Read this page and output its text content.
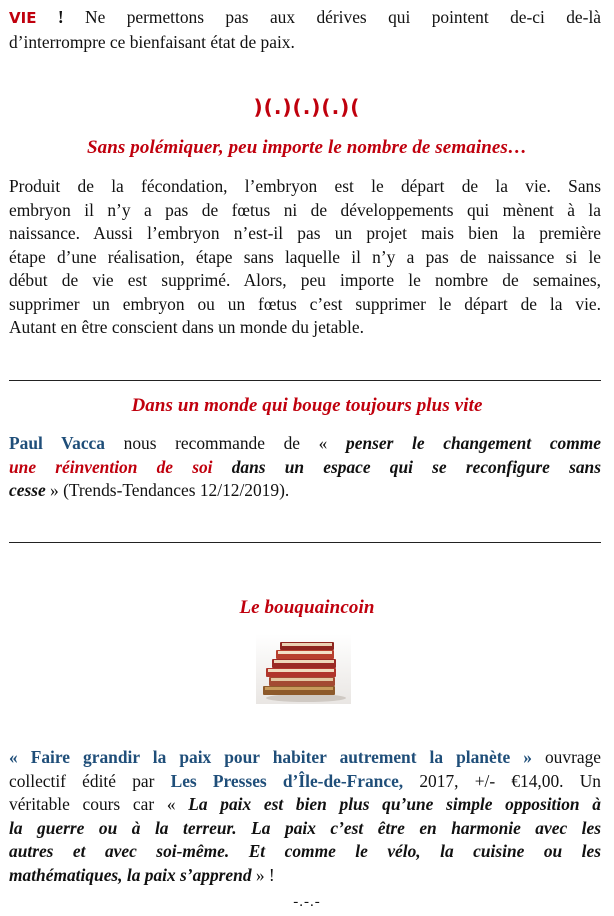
VIE ! Ne permettons pas aux dérives qui pointent de-ci de-là
d’interrompre ce bienfaisant état de paix.

)(.)(.)(.)(
Sans polémiquer, peu importe le nombre de semaines…

Produit de la fécondation, l’embryon est le départ de la vie. Sans
embryon il n’y a pas de fœtus ni de développements qui mènent à la
naissance. Aussi l’embryon n’est-il pas un projet mais bien la première
étape d’une réalisation, étape sans laquelle il n’y a pas de naissance si le
début de vie est supprimé. Alors, peu importe le nombre de semaines,
supprimer un embryon ou un fœtus c’est supprimer le départ de la vie.
Autant en être conscient dans un monde du jetable.

Dans un monde qui bouge toujours plus vite

Paul Vacca nous recommande de « penser le changement comme
une réinvention de soi dans un espace qui se reconfigure sans
cesse » (Trends-Tendances 12/12/2019).

Le bouquaincoin

« Faire grandir la paix pour habiter autrement la planète » ouvrage
collectif édité par Les Presses d’Île-de-France, 2017, +/- €14,00. Un
véritable cours car « La paix est bien plus qu’une simple opposition à
la guerre ou à la terreur. La paix c’est être en harmonie avec les
autres et avec soi-même. Et comme le vélo, la cuisine ou les
mathématiques, la paix s’apprend » !

-.-.-
